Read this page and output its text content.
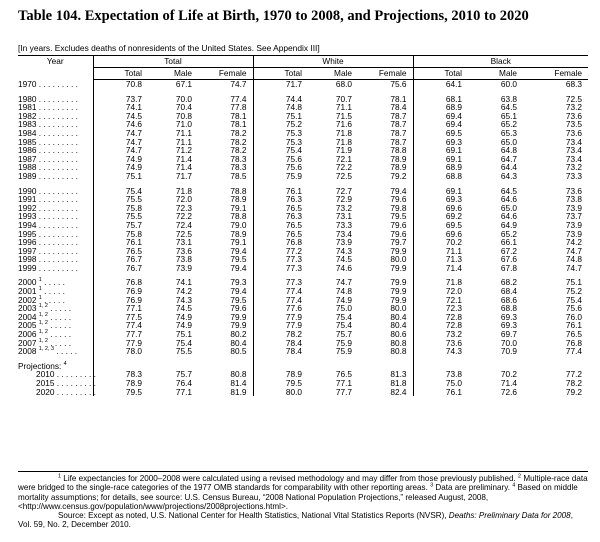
Table 104. Expectation of Life at Birth, 1970 to 2008, and Projections, 2010 to 2020
[In years. Excludes deaths of nonresidents of the United States. See Appendix III]
Year	Total			White			Black		
	Total	Male	Female	Total	Male	Female	Total	Male	Female
1970 . . . . . . . . .	70.8	67.1	74.7	71.7	68.0	75.6	64.1	60.0	68.3

1980 . . . . . . . . .	73.7	70.0	77.4	74.4	70.7	78.1	68.1	63.8	72.5
1981 . . . . . . . . .	74.1	70.4	77.8	74.8	71.1	78.4	68.9	64.5	73.2
1982 . . . . . . . . .	74.5	70.8	78.1	75.1	71.5	78.7	69.4	65.1	73.6
1983 . . . . . . . . .	74.6	71.0	78.1	75.2	71.6	78.7	69.4	65.2	73.5
1984 . . . . . . . . .	74.7	71.1	78.2	75.3	71.8	78.7	69.5	65.3	73.6
1985 . . . . . . . . .	74.7	71.1	78.2	75.3	71.8	78.7	69.3	65.0	73.4
1986 . . . . . . . . .	74.7	71.2	78.2	75.4	71.9	78.8	69.1	64.8	73.4
1987 . . . . . . . . .	74.9	71.4	78.3	75.6	72.1	78.9	69.1	64.7	73.4
1988 . . . . . . . . .	74.9	71.4	78.3	75.6	72.2	78.9	68.9	64.4	73.2
1989 . . . . . . . . .	75.1	71.7	78.5	75.9	72.5	79.2	68.8	64.3	73.3

1990 . . . . . . . . .	75.4	71.8	78.8	76.1	72.7	79.4	69.1	64.5	73.6
1991 . . . . . . . . .	75.5	72.0	78.9	76.3	72.9	79.6	69.3	64.6	73.8
1992 . . . . . . . . .	75.8	72.3	79.1	76.5	73.2	79.8	69.6	65.0	73.9
1993 . . . . . . . . .	75.5	72.2	78.8	76.3	73.1	79.5	69.2	64.6	73.7
1994 . . . . . . . . .	75.7	72.4	79.0	76.5	73.3	79.6	69.5	64.9	73.9
1995 . . . . . . . . .	75.8	72.5	78.9	76.5	73.4	79.6	69.6	65.2	73.9
1996 . . . . . . . . .	76.1	73.1	79.1	76.8	73.9	79.7	70.2	66.1	74.2
1997 . . . . . . . . .	76.5	73.6	79.4	77.2	74.3	79.9	71.1	67.2	74.7
1998 . . . . . . . . .	76.7	73.8	79.5	77.3	74.5	80.0	71.3	67.6	74.8
1999 . . . . . . . . .	76.7	73.9	79.4	77.3	74.6	79.9	71.4	67.8	74.7

2000 $^1$ . . . . .	76.8	74.1	79.3	77.3	74.7	79.9	71.8	68.2	75.1
2001 $^1$ . . . . .	76.9	74.2	79.4	77.4	74.8	79.9	72.0	68.4	75.2
2002 $^1$ . . . . .	76.9	74.3	79.5	77.4	74.9	79.9	72.1	68.6	75.4
2003 $^{1, 2}$ . . . . .	77.1	74.5	79.6	77.6	75.0	80.0	72.3	68.8	75.6
2004 $^{1, 2}$ . . . . .	77.5	74.9	79.9	77.9	75.4	80.4	72.8	69.3	76.0
2005 $^{1, 2}$ . . . . .	77.4	74.9	79.9	77.9	75.4	80.4	72.8	69.3	76.1
2006 $^{1, 2}$ . . . . .	77.7	75.1	80.2	78.2	75.7	80.6	73.2	69.7	76.5
2007 $^{1, 2}$ . . . . .	77.9	75.4	80.4	78.4	75.9	80.8	73.6	70.0	76.8
2008 $^{1, 2, 3}$ . . . . .	78.0	75.5	80.5	78.4	75.9	80.8	74.3	70.9	77.4

Projections: $^4$									
2010 . . . . . . . . .	78.3	75.7	80.8	78.9	76.5	81.3	73.8	70.2	77.2
2015 . . . . . . . . .	78.9	76.4	81.4	79.5	77.1	81.8	75.0	71.4	78.2
2020 . . . . . . . . .	79.5	77.1	81.9	80.0	77.7	82.4	76.1	72.6	79.2
$^1$ Life expectancies for 2000–2008 were calculated using a revised methodology and may differ from those previously published. $^2$ Multiple-race data were bridged to the single-race categories of the 1977 OMB standards for comparability with other reporting areas. $^3$ Data are preliminary. $^4$ Based on middle mortality assumptions; for details, see source: U.S. Census Bureau, “2008 National Population Projections,” released August, 2008, <http://www.census.gov/population/www/projections/2008projections.html>.
Source: Except as noted, U.S. National Center for Health Statistics, National Vital Statistics Reports (NVSR), Deaths: Preliminary Data for 2008, Vol. 59, No. 2, December 2010.
